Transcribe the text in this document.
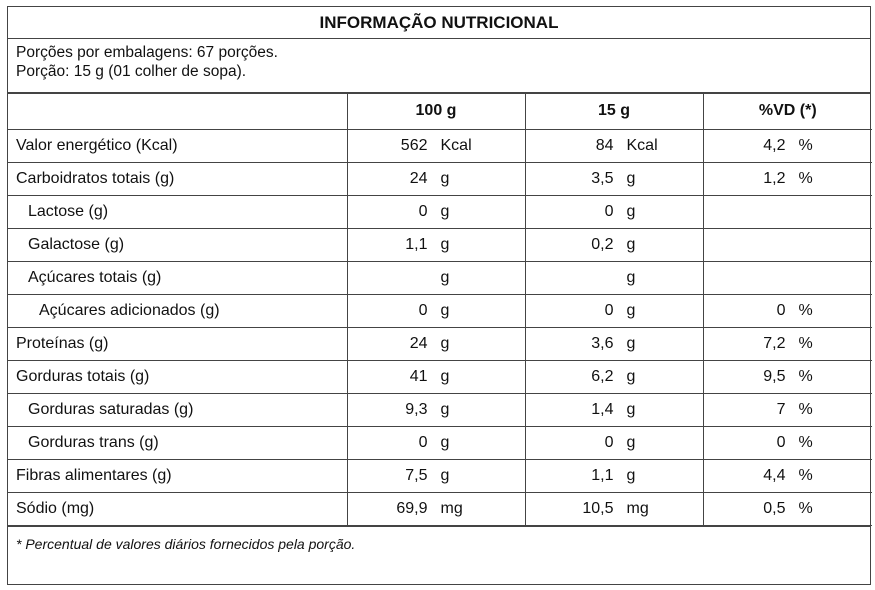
INFORMAÇÃO NUTRICIONAL
Porções por embalagens: 67 porções.
Porção: 15 g (01 colher de sopa).
	100 g	15 g	%VD (*)
Valor energético (Kcal)	562 Kcal	84 Kcal	4,2 %

Carboidratos totais (g)	24 g	3,5 g	1,2 %

Lactose (g)	0 g	0 g	

Galactose (g)	1,1 g	0,2 g	

Açúcares totais (g)	g	g	

Açúcares adicionados (g)	0 g	0 g	0 %

Proteínas (g)	24 g	3,6 g	7,2 %

Gorduras totais (g)	41 g	6,2 g	9,5 %

Gorduras saturadas (g)	9,3 g	1,4 g	7 %

Gorduras trans (g)	0 g	0 g	0 %

Fibras alimentares (g)	7,5 g	1,1 g	4,4 %

Sódio (mg)	69,9 mg	10,5 mg	0,5 %
* Percentual de valores diários fornecidos pela porção.
